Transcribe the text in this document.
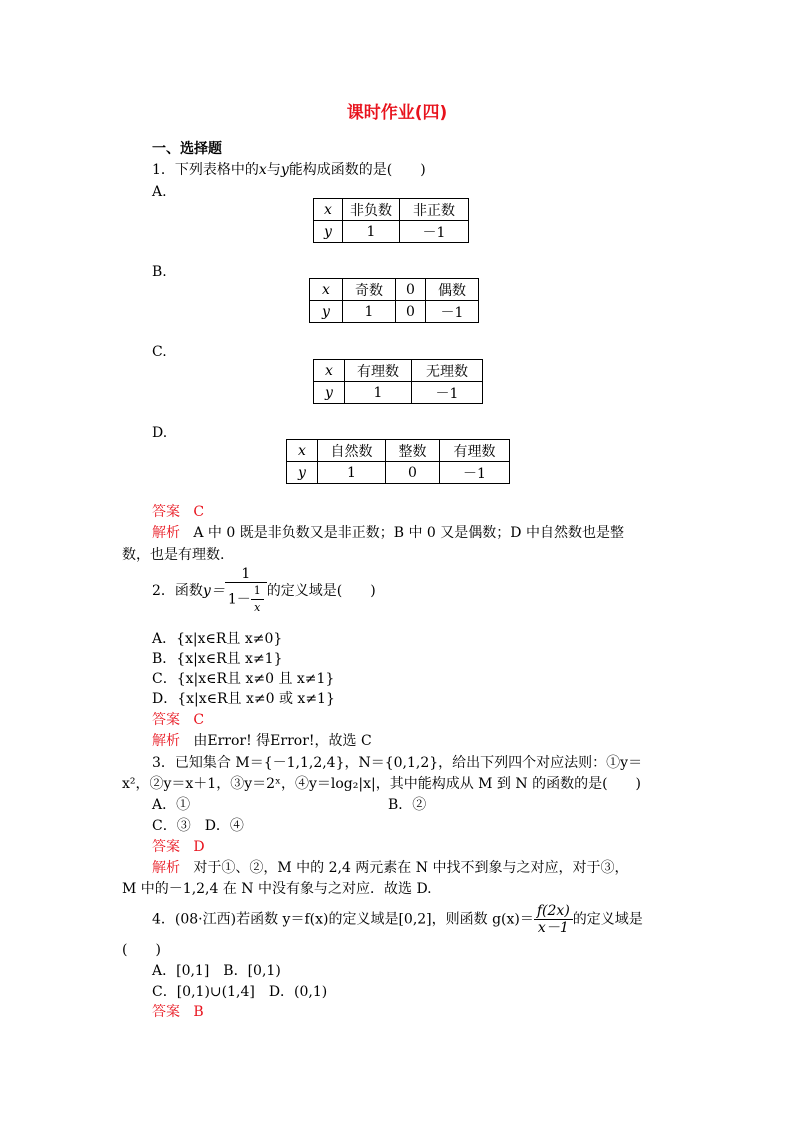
课时作业(四)
一、选择题
1．下列表格中的x与y能构成函数的是(　　)
A.
x	非负数	非正数
y	1	－1
B.
x	奇数	0	偶数
y	1	0	－1
C.
x	有理数	无理数
y	1	－1
D.
x	自然数	整数	有理数
y	1	0	－1
答案 C
解析 A 中 0 既是非负数又是非正数；B 中 0 又是偶数；D 中自然数也是整
数，也是有理数.
2．函数$y= \frac{1}{1- \frac{1}{x}}$ 的定义域是(　　)
A．{x|x∈R且 x≠0}
B．{x|x∈R且 x≠1}
C．{x|x∈R且 x≠0 且 x≠1}
D．{x|x∈R且 x≠0 或 x≠1}
答案 C
解析 由Error! 得Error!，故选 C
3．已知集合 M＝{－1,1,2,4}，N＝{0,1,2}，给出下列四个对应法则：①y＝
x²，②y＝x＋1，③y＝2ˣ，④y＝log₂|x|，其中能构成从 M 到 N 的函数的是(　　)
A．①	B．②
C．③　D．④
答案 D
解析 对于①、②，M 中的 2,4 两元素在 N 中找不到象与之对应，对于③，
M 中的－1,2,4 在 N 中没有象与之对应．故选 D.
4．(08·江西)若函数 y＝f(x)的定义域是[0,2]，则函数 $g(x)= \frac{f(2x)}{x-1}$ 的定义域是
(　　)
A．[0,1]　B．[0,1)
C．[0,1)∪(1,4]　D．(0,1)
答案 B
